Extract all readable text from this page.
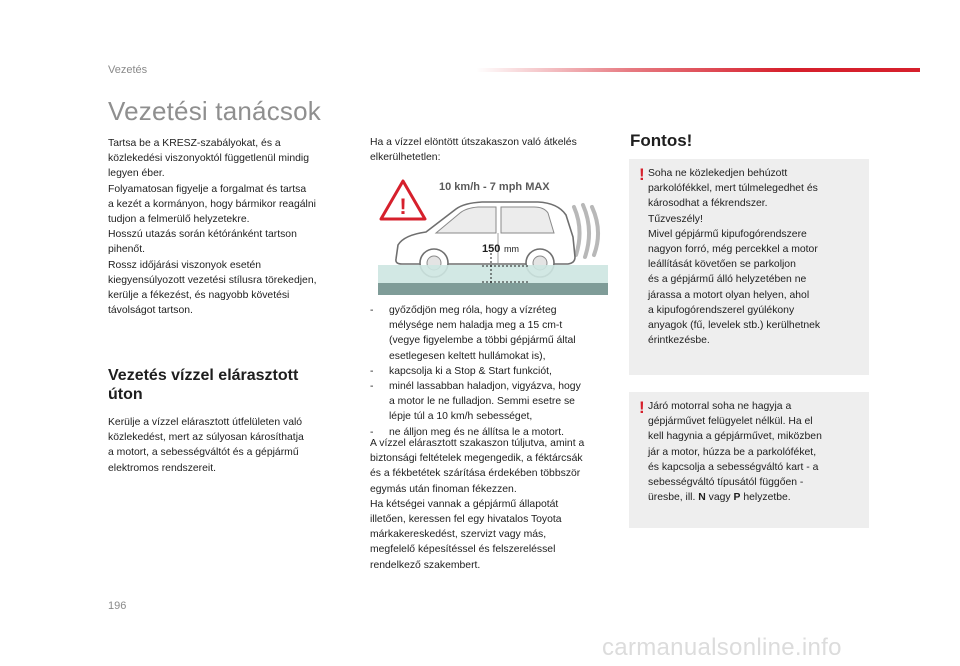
Vezetés
Vezetési tanácsok
Tartsa be a KRESZ-szabályokat, és a
közlekedési viszonyoktól függetlenül mindig
legyen éber.
Folyamatosan figyelje a forgalmat és tartsa
a kezét a kormányon, hogy bármikor reagálni
tudjon a felmerülő helyzetekre.
Hosszú utazás során kétóránként tartson
pihenőt.
Rossz időjárási viszonyok esetén
kiegyensúlyozott vezetési stílusra törekedjen,
kerülje a fékezést, és nagyobb követési
távolságot tartson.
Vezetés vízzel elárasztott
úton
Kerülje a vízzel elárasztott útfelületen való
közlekedést, mert az súlyosan károsíthatja
a motort, a sebességváltót és a gépjármű
elektromos rendszereit.
Ha a vízzel elöntött útszakaszon való átkelés
elkerülhetetlen:
!
10 km/h - 7 mph MAX
150 mm
- győződjön meg róla, hogy a vízréteg
mélysége nem haladja meg a 15 cm-t
(vegye figyelembe a többi gépjármű által
esetlegesen keltett hullámokat is),
- kapcsolja ki a Stop & Start funkciót,
- minél lassabban haladjon, vigyázva, hogy
a motor le ne fulladjon. Semmi esetre se
lépje túl a 10 km/h sebességet,
- ne álljon meg és ne állítsa le a motort.
A vízzel elárasztott szakaszon túljutva, amint a
biztonsági feltételek megengedik, a féktárcsák
és a fékbetétek szárítása érdekében többször
egymás után finoman fékezzen.
Ha kétségei vannak a gépjármű állapotát
illetően, keressen fel egy hivatalos Toyota
márkakereskedést, szervizt vagy más,
megfelelő képesítéssel és felszereléssel
rendelkező szakembert.
Fontos!
! Soha ne közlekedjen behúzott
parkolófékkel, mert túlmelegedhet és
károsodhat a fékrendszer.
Tűzveszély!
Mivel gépjármű kipufogórendszere
nagyon forró, még percekkel a motor
leállítását követően se parkoljon
és a gépjármű álló helyzetében ne
járassa a motort olyan helyen, ahol
a kipufogórendszerel gyúlékony
anyagok (fű, levelek stb.) kerülhetnek
érintkezésbe.
! Járó motorral soha ne hagyja a
gépjárművet felügyelet nélkül. Ha el
kell hagynia a gépjárművet, miközben
jár a motor, húzza be a parkolóféket,
és kapcsolja a sebességváltó kart - a
sebességváltó típusától függően -
üresbe, ill. N vagy P helyzetbe.
196
carmanualsonline.info
